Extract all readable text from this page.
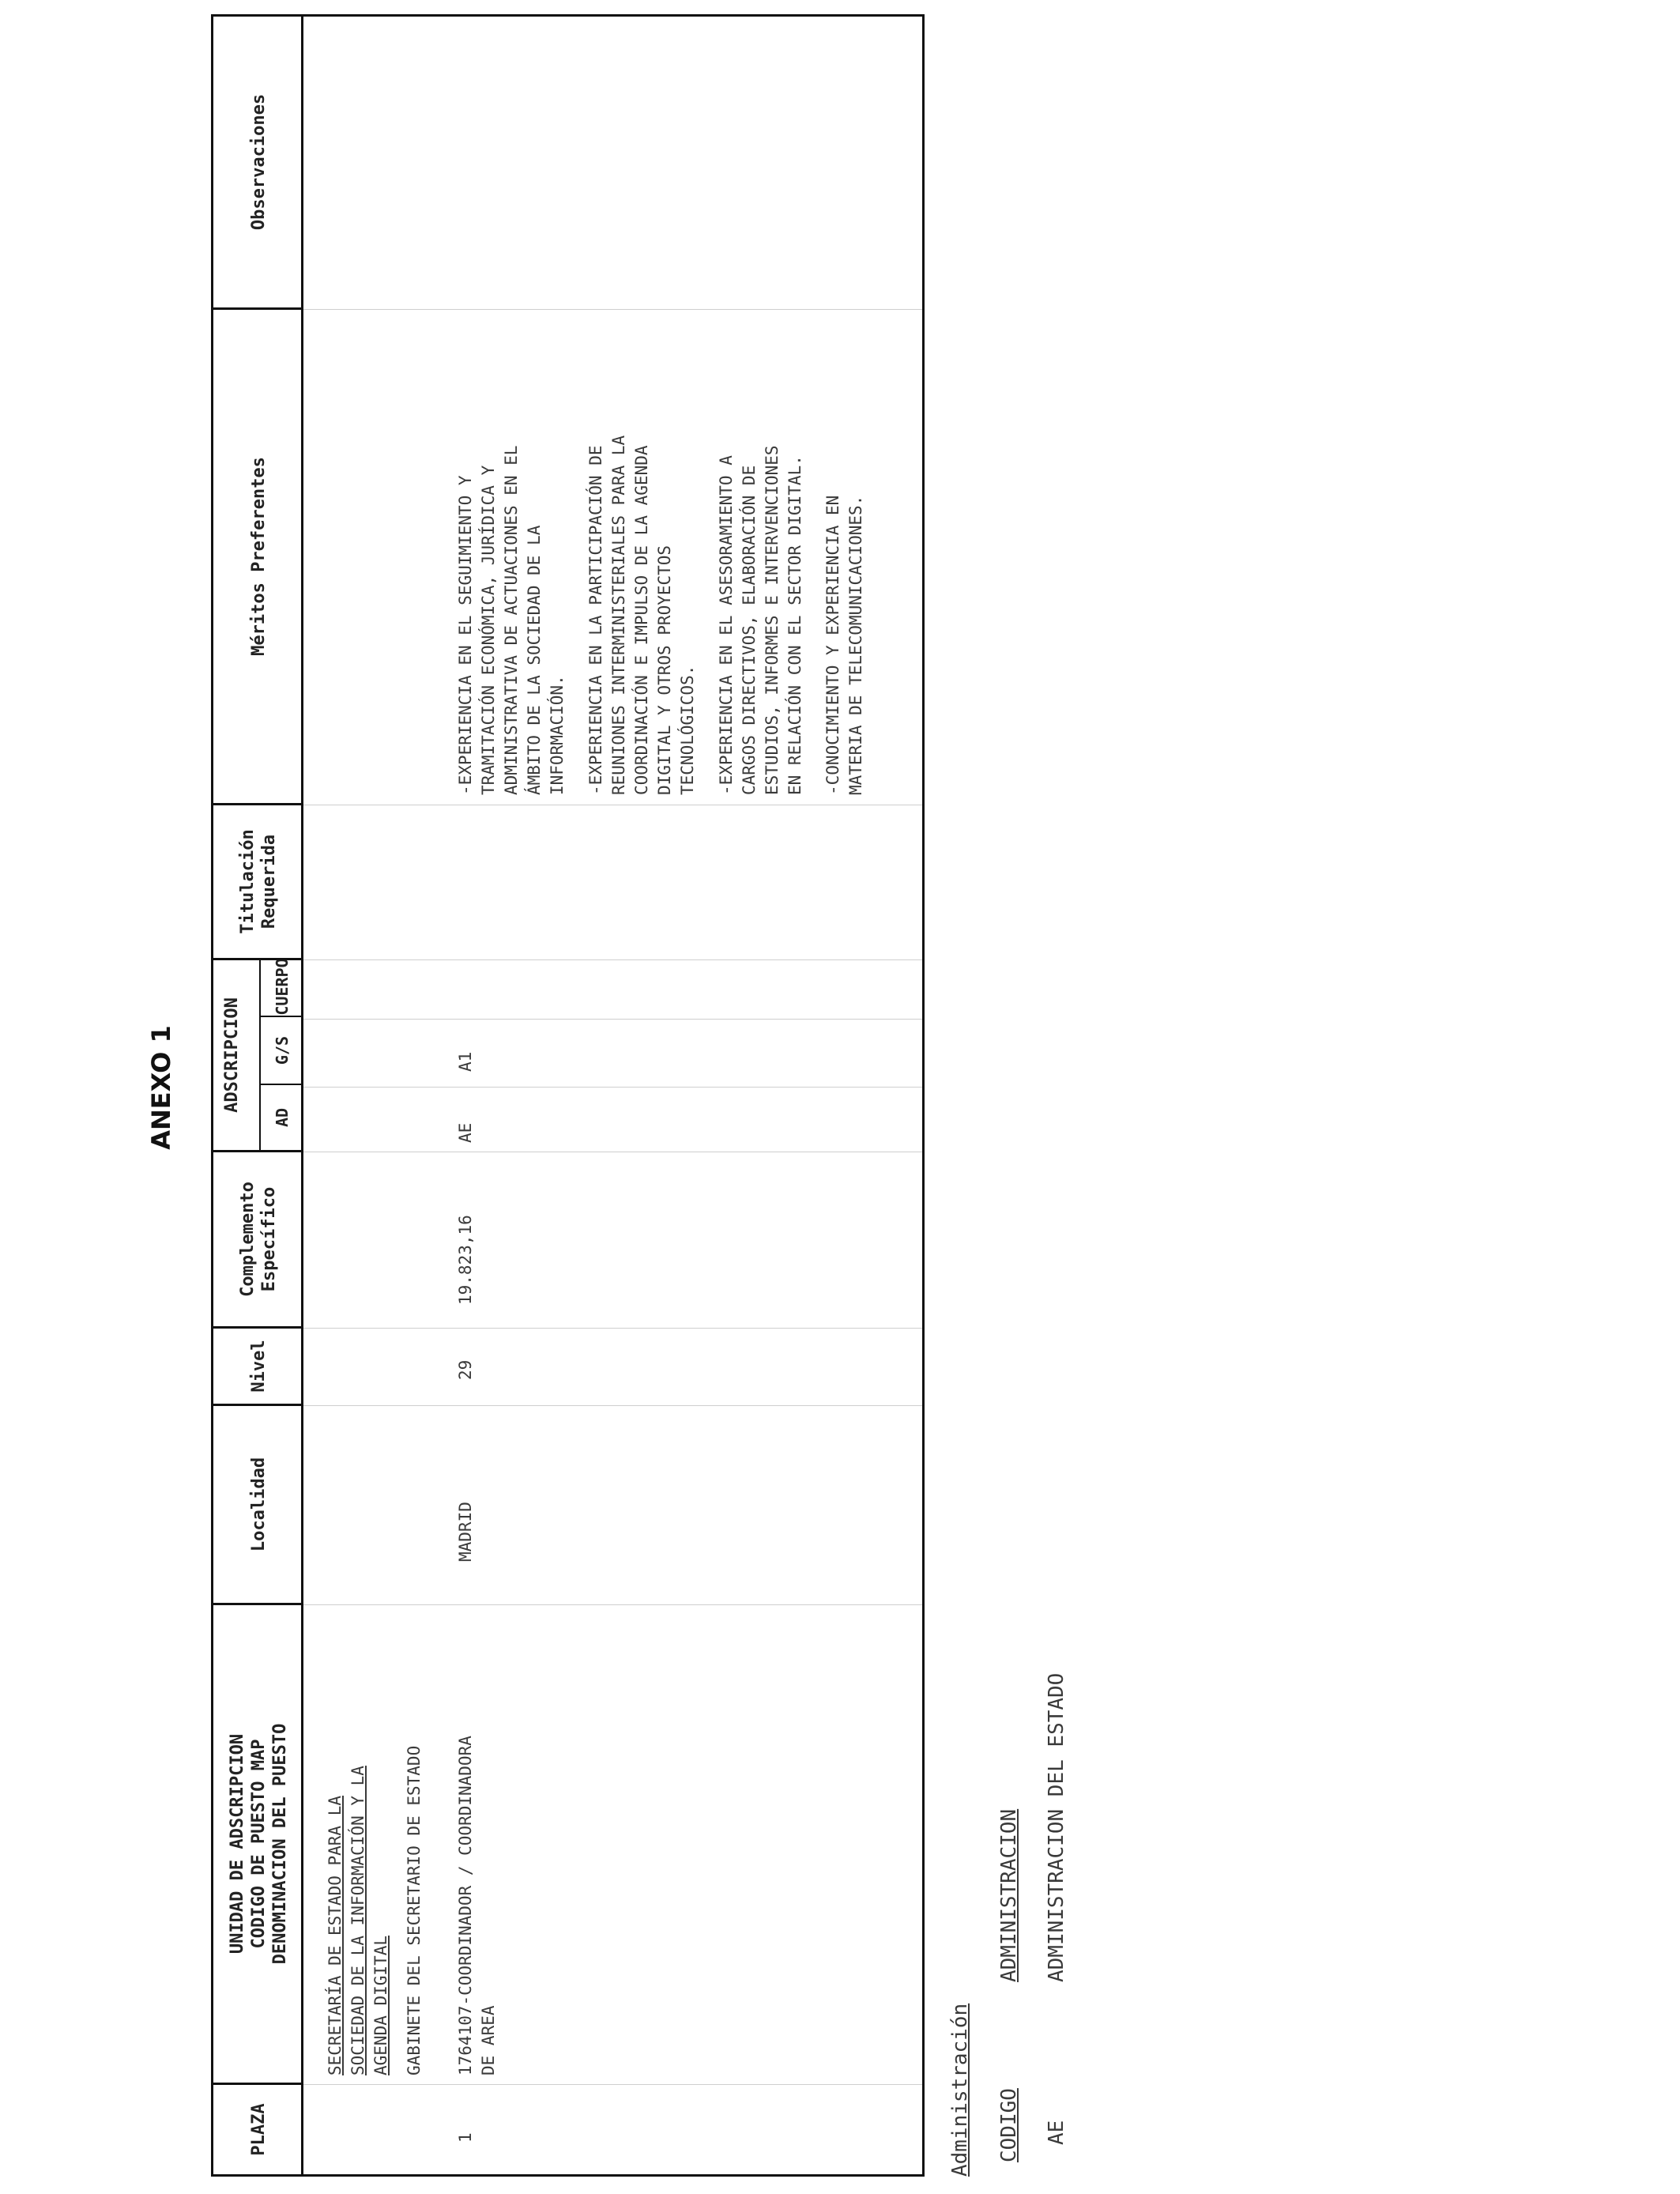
ANEXO 1
PLAZA
UNIDAD DE ADSCRIPCION CODIGO DE PUESTO MAP DENOMINACION DEL PUESTO
Localidad
Nivel
Complemento Específico
ADSCRIPCION
AD
G/S
CUERPO
Titulación Requerida
Méritos Preferentes
Observaciones
SECRETARÍA DE ESTADO PARA LA SOCIEDAD DE LA INFORMACIÓN Y LA AGENDA DIGITAL GABINETE DEL SECRETARIO DE ESTADO
1
1764107-COORDINADOR / COORDINADORA DE AREA
MADRID
29
19.823,16
AE
A1
-EXPERIENCIA EN EL SEGUIMIENTO Y TRAMITACIÓN ECONÓMICA, JURÍDICA Y ADMINISTRATIVA DE ACTUACIONES EN EL ÁMBITO DE LA SOCIEDAD DE LA INFORMACIÓN. -EXPERIENCIA EN LA PARTICIPACIÓN DE REUNIONES INTERMINISTERIALES PARA LA COORDINACIÓN E IMPULSO DE LA AGENDA DIGITAL Y OTROS PROYECTOS TECNOLÓGICOS. -EXPERIENCIA EN EL ASESORAMIENTO A CARGOS DIRECTIVOS, ELABORACIÓN DE ESTUDIOS, INFORMES E INTERVENCIONES EN RELACIÓN CON EL SECTOR DIGITAL. -CONOCIMIENTO Y EXPERIENCIA EN MATERIA DE TELECOMUNICACIONES.
Administración CODIGO
ADMINISTRACION
AE
ADMINISTRACION DEL ESTADO
